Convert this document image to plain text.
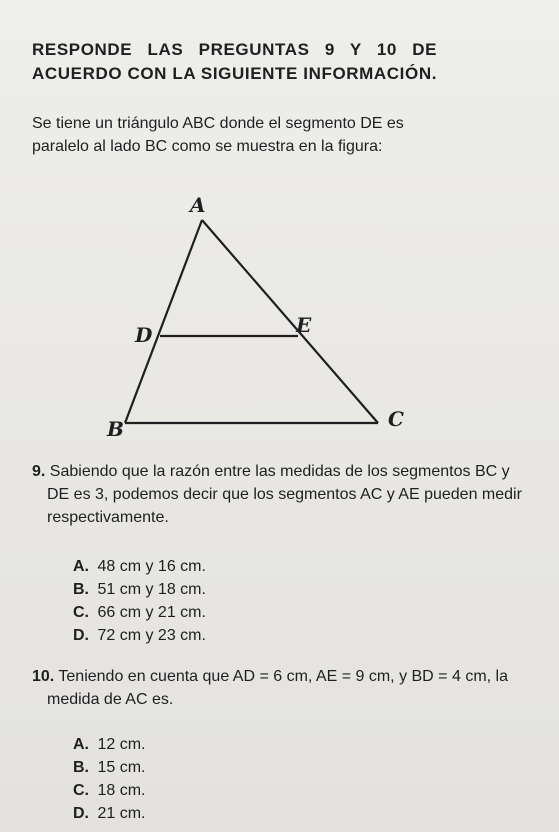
RESPONDE LAS PREGUNTAS 9 Y 10 DE
ACUERDO CON LA SIGUIENTE INFORMACIÓN.
Se tiene un triángulo ABC donde el segmento DE es
paralelo al lado BC como se muestra en la figura:
A
D	E
B	C
9. Sabiendo que la razón entre las medidas de los segmentos BC y DE es 3, podemos decir que los segmentos AC y AE pueden medir respectivamente.
A. 48 cm y 16 cm.
B. 51 cm y 18 cm.
C. 66 cm y 21 cm.
D. 72 cm y 23 cm.
10. Teniendo en cuenta que AD = 6 cm, AE = 9 cm, y BD = 4 cm, la medida de AC es.
A. 12 cm.
B. 15 cm.
C. 18 cm.
D. 21 cm.
